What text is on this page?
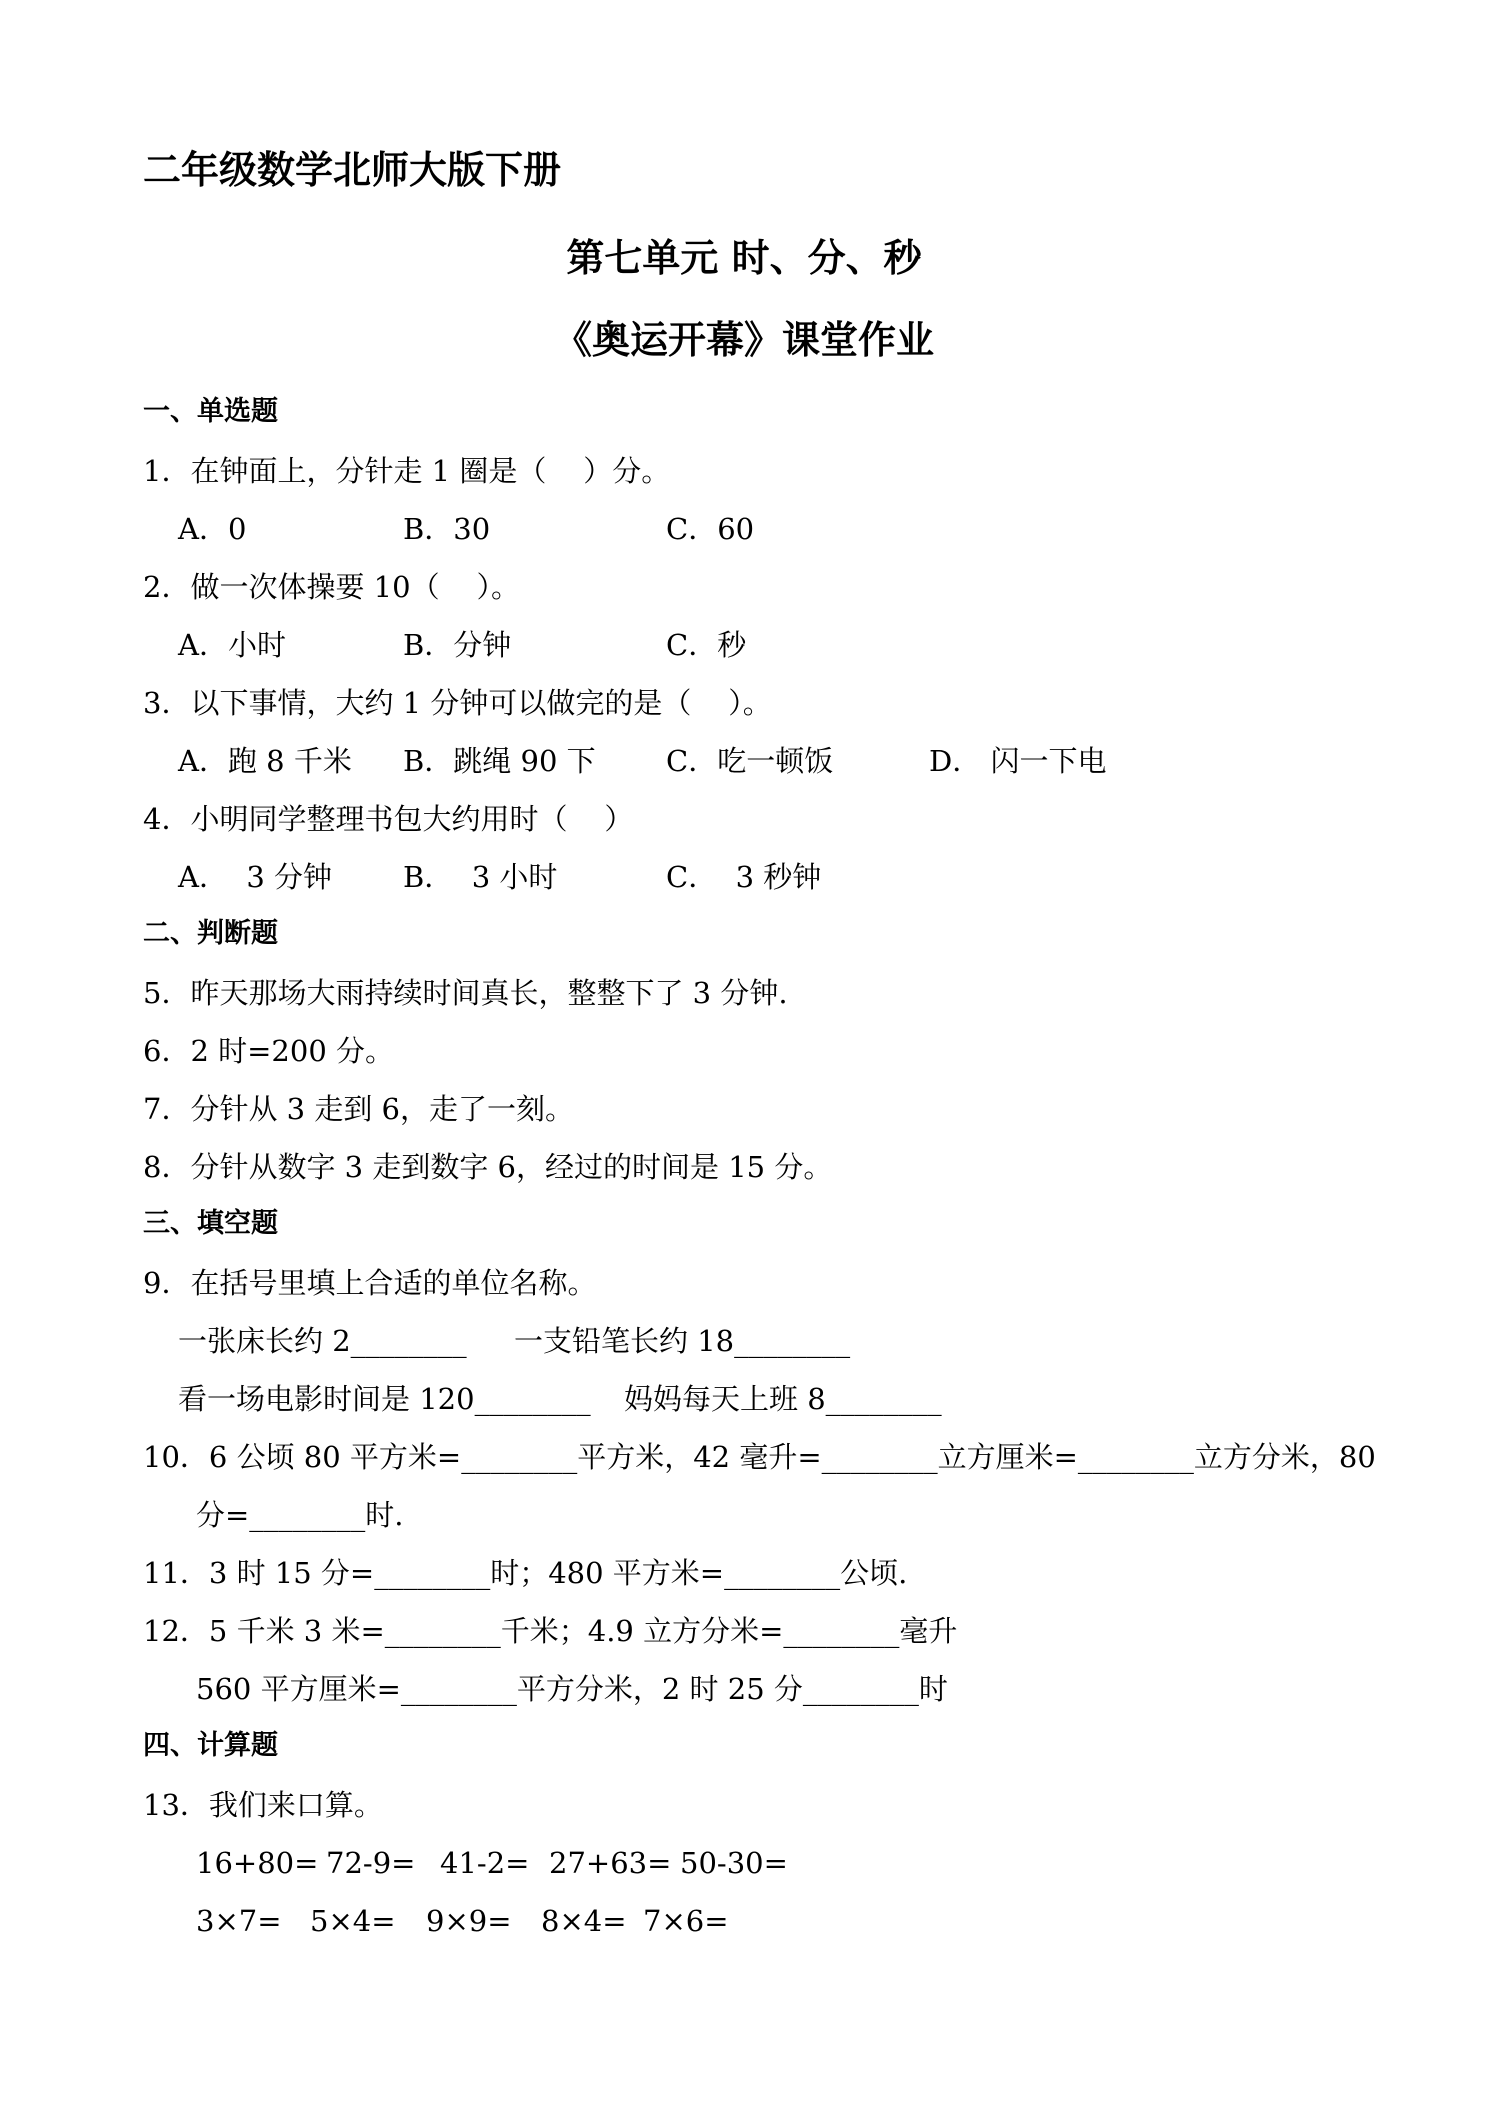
二年级数学北师大版下册
第七单元 时、分、秒
《奥运开幕》课堂作业
一、单选题
1．在钟面上，分针走 1 圈是（    ）分。
A．0	B．30	C．60
2．做一次体操要 10（    ）。
A．小时	B．分钟	C．秒
3．以下事情，大约 1 分钟可以做完的是（    ）。
A．跑 8 千米 B．跳绳 90 下 C．吃一顿饭	D． 闪一下电
4．小明同学整理书包大约用时（    ）
A．  3 分钟 B．  3 小时	C．  3 秒钟
二、判断题
5．昨天那场大雨持续时间真长，整整下了 3 分钟.
6．2 时=200 分。
7．分针从 3 走到 6，走了一刻。
8．分针从数字 3 走到数字 6，经过的时间是 15 分。
三、填空题
9．在括号里填上合适的单位名称。
一张床长约 2________ 一支铅笔长约 18________
看一场电影时间是 120________ 妈妈每天上班 8________
10．6 公顷 80 平方米=________平方米，42 毫升=________立方厘米=________立方分米，80
分=________时.
11．3 时 15 分=________时；480 平方米=________公顷.
12．5 千米 3 米=________千米；4.9 立方分米=________毫升
560 平方厘米=________平方分米，2 时 25 分________时
四、计算题
13．我们来口算。
16+80= 72-9= 41-2= 27+63= 50-30=
3×7= 5×4= 9×9= 8×4= 7×6=
